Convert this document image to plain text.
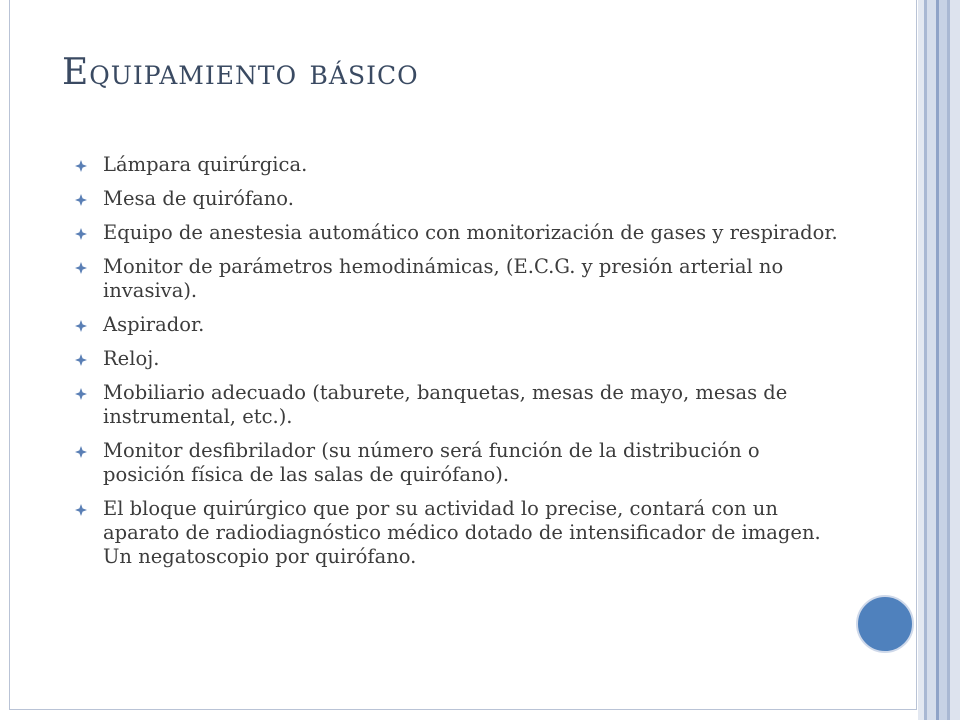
Equipamiento básico
Lámpara quirúrgica.
Mesa de quirófano.
Equipo de anestesia automático con monitorización de gases y respirador.
Monitor de parámetros hemodinámicas, (E.C.G. y presión arterial no invasiva).
Aspirador.
Reloj.
Mobiliario adecuado (taburete, banquetas, mesas de mayo, mesas de instrumental, etc.).
Monitor desfibrilador (su número será función de la distribución o posición física de las salas de quirófano).
El bloque quirúrgico que por su actividad lo precise, contará con un aparato de radiodiagnóstico médico dotado de intensificador de imagen. Un negatoscopio por quirófano.
